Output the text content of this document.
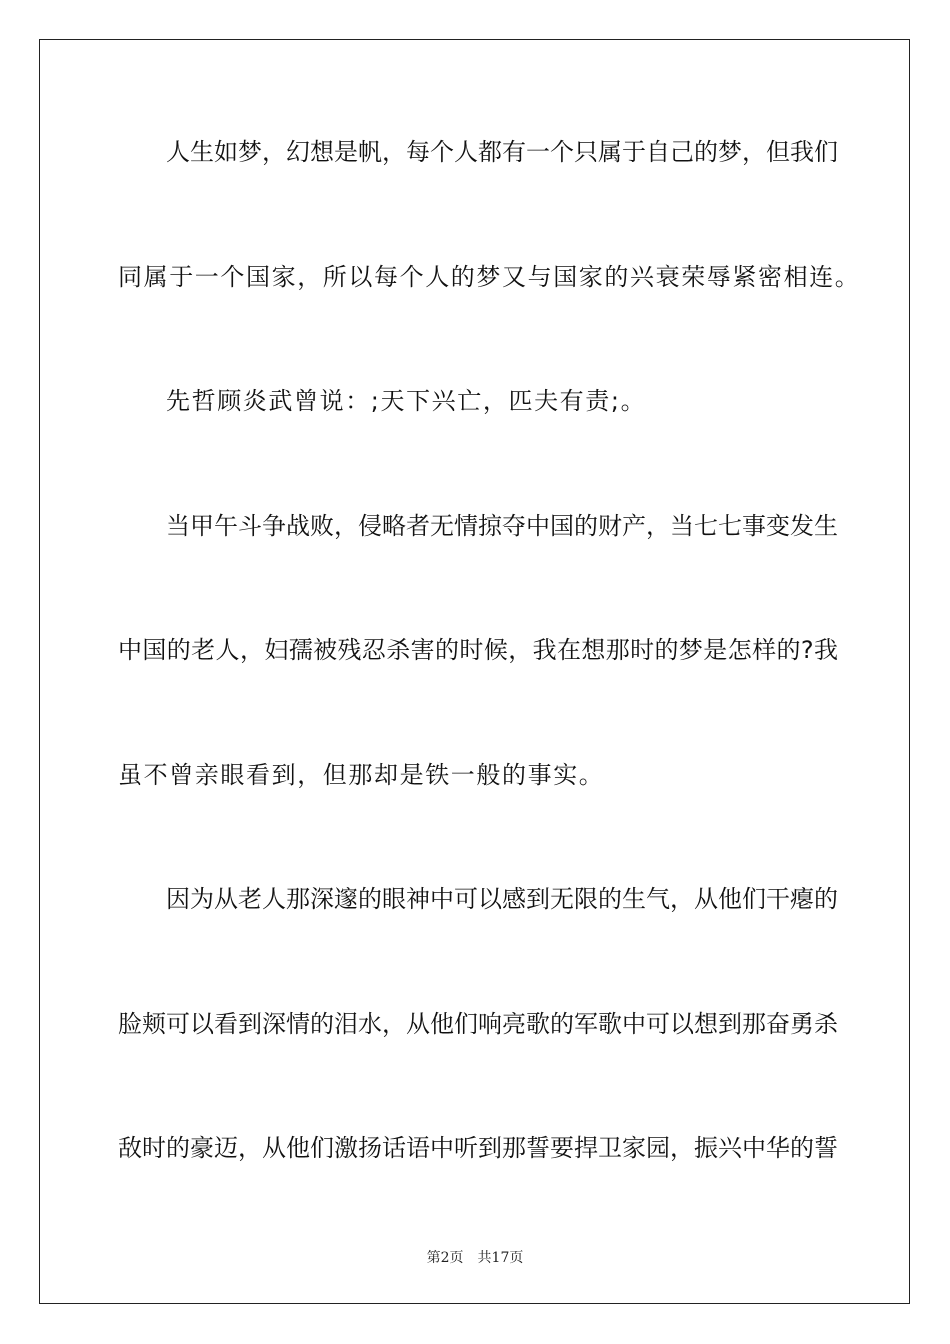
人生如梦，幻想是帆，每个人都有一个只属于自己的梦，但我们
同属于一个国家，所以每个人的梦又与国家的兴衰荣辱紧密相连。
先哲顾炎武曾说：;天下兴亡，匹夫有责;。
当甲午斗争战败，侵略者无情掠夺中国的财产，当七七事变发生
中国的老人，妇孺被残忍杀害的时候，我在想那时的梦是怎样的?我
虽不曾亲眼看到，但那却是铁一般的事实。
因为从老人那深邃的眼神中可以感到无限的生气，从他们干瘪的
脸颊可以看到深情的泪水，从他们响亮歌的军歌中可以想到那奋勇杀
敌时的豪迈，从他们激扬话语中听到那誓要捍卫家园，振兴中华的誓
第2页 共17页
